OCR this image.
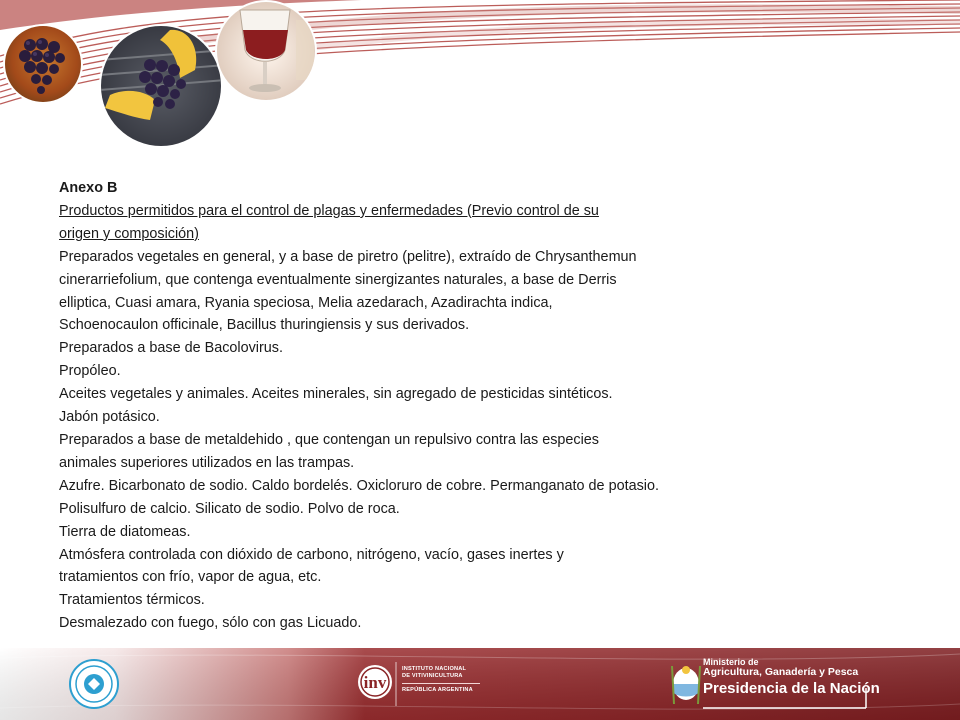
Anexo B

Productos permitidos para el control de plagas y enfermedades (Previo control de su

origen y composición)

Preparados vegetales en general, y a base de piretro (pelitre), extraído de Chrysanthemun

cinerarriefolium, que contenga eventualmente sinergizantes naturales, a base de Derris

elliptica, Cuasi amara, Ryania speciosa, Melia azedarach, Azadirachta indica,

Schoenocaulon officinale, Bacillus thuringiensis y sus derivados.

Preparados a base de Bacolovirus.

Propóleo.

Aceites vegetales y animales. Aceites minerales, sin agregado de pesticidas sintéticos.

Jabón potásico.

Preparados a base de metaldehido , que contengan un repulsivo contra las especies

animales superiores utilizados en las trampas.

Azufre. Bicarbonato de sodio. Caldo bordelés. Oxicloruro de cobre. Permanganato de potasio.

Polisulfuro de calcio. Silicato de sodio. Polvo de roca.

Tierra de diatomeas.

Atmósfera controlada con dióxido de carbono, nitrógeno, vacío, gases inertes y

tratamientos con frío, vapor de agua, etc.

Tratamientos térmicos.

Desmalezado con fuego, sólo con gas Licuado.

inv
INSTITUTO NACIONAL
DE VITIVINICULTURA
REPÚBLICA ARGENTINA
Ministerio de
Agricultura, Ganadería y Pesca
Presidencia de la Nación
